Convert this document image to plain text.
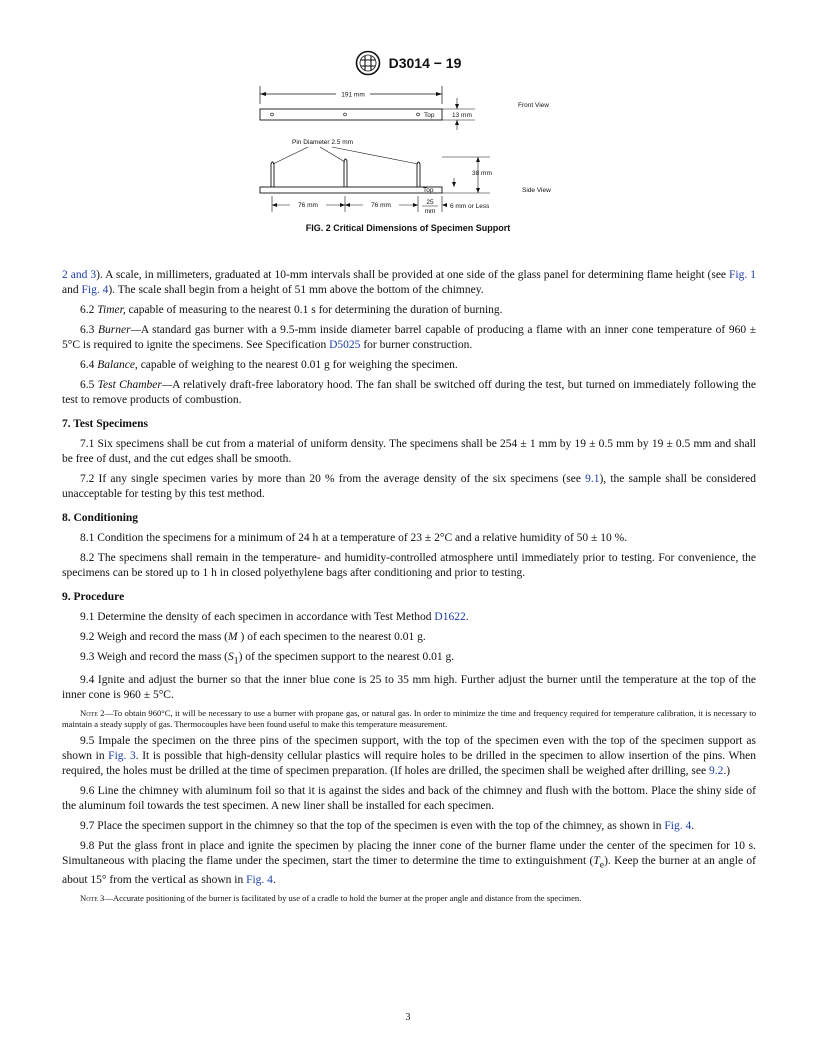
D3014 − 19
191 mm
Top	13 mm
Front View
Pin Diameter 2.5 mm
Top
38 mm
Side View
76 mm	76 mm	25
mm
6 mm or Less
FIG. 2 Critical Dimensions of Specimen Support

2 and 3). A scale, in millimeters, graduated at 10-mm intervals shall be provided at one side of the glass panel for determining flame height (see Fig. 1 and Fig. 4). The scale shall begin from a height of 51 mm above the bottom of the chimney.

6.2 Timer, capable of measuring to the nearest 0.1 s for determining the duration of burning.

6.3 Burner—A standard gas burner with a 9.5-mm inside diameter barrel capable of producing a flame with an inner cone temperature of 960 ± 5°C is required to ignite the specimens. See Specification D5025 for burner construction.

6.4 Balance, capable of weighing to the nearest 0.01 g for weighing the specimen.

6.5 Test Chamber—A relatively draft-free laboratory hood. The fan shall be switched off during the test, but turned on immediately following the test to remove products of combustion.

7. Test Specimens

7.1 Six specimens shall be cut from a material of uniform density. The specimens shall be 254 ± 1 mm by 19 ± 0.5 mm by 19 ± 0.5 mm and shall be free of dust, and the cut edges shall be smooth.

7.2 If any single specimen varies by more than 20 % from the average density of the six specimens (see 9.1), the sample shall be considered unacceptable for testing by this test method.

8. Conditioning

8.1 Condition the specimens for a minimum of 24 h at a temperature of 23 ± 2°C and a relative humidity of 50 ± 10 %.

8.2 The specimens shall remain in the temperature- and humidity-controlled atmosphere until immediately prior to testing. For convenience, the specimens can be stored up to 1 h in closed polyethylene bags after conditioning and prior to testing.

9. Procedure

9.1 Determine the density of each specimen in accordance with Test Method D1622.

9.2 Weigh and record the mass (M ) of each specimen to the nearest 0.01 g.

9.3 Weigh and record the mass $(S_1)$ of the specimen support to the nearest 0.01 g.

9.4 Ignite and adjust the burner so that the inner blue cone is 25 to 35 mm high. Further adjust the burner until the temperature at the top of the inner cone is 960 ± 5°C.

Note 2—To obtain 960°C, it will be necessary to use a burner with propane gas, or natural gas. In order to minimize the time and frequency required for temperature calibration, it is necessary to maintain a steady supply of gas. Thermocouples have been found useful to make this temperature measurement.

9.5 Impale the specimen on the three pins of the specimen support, with the top of the specimen even with the top of the specimen support as shown in Fig. 3. It is possible that high-density cellular plastics will require holes to be drilled in the specimen to allow insertion of the pins. When required, the holes must be drilled at the time of specimen preparation. (If holes are drilled, the specimen shall be weighed after drilling, see 9.2.)

9.6 Line the chimney with aluminum foil so that it is against the sides and back of the chimney and flush with the bottom. Place the shiny side of the aluminum foil towards the test specimen. A new liner shall be installed for each specimen.

9.7 Place the specimen support in the chimney so that the top of the specimen is even with the top of the chimney, as shown in Fig. 4.

9.8 Put the glass front in place and ignite the specimen by placing the inner cone of the burner flame under the center of the specimen for 10 s. Simultaneous with placing the flame under the specimen, start the timer to determine the time to extinguishment $(T_e)$. Keep the burner at an angle of about 15° from the vertical as shown in Fig. 4.

Note 3—Accurate positioning of the burner is facilitated by use of a cradle to hold the burner at the proper angle and distance from the specimen.

3
